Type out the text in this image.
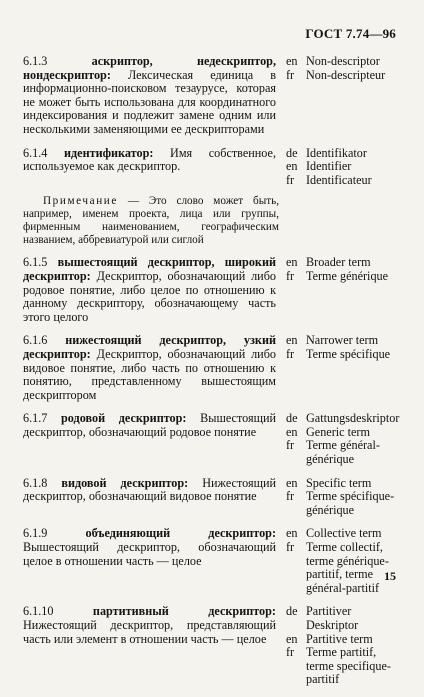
ГОСТ 7.74—96
6.1.3	аскриптор, недескриптор, нондескриптор: Лексическая единица в информационно-поисковом тезаурусе, которая не может быть использована для координатного индексирования и подлежит замене одним или несколькими заменяющими ее дескрипторами
en Non-descriptor
fr Non-descripteur
6.1.4 идентификатор: Имя собственное, используемое как дескриптор.
de Identifikator
en Identifier
fr Identificateur
Примечание — Это слово может быть, например, именем проекта, лица или группы, фирменным наименованием, географическим названием, аббревиатурой или сиглой
6.1.5 вышестоящий дескриптор, широкий дескриптор: Дескриптор, обозначающий либо родовое понятие, либо целое по отношению к данному дескриптору, обозначающему часть этого целого
en Broader term
fr Terme générique
6.1.6 нижестоящий дескриптор, узкий дескриптор: Дескриптор, обозначающий либо видовое понятие, либо часть по отношению к понятию, представленному вышестоящим дескриптором
en Narrower term
fr Terme spécifique
6.1.7 родовой дескриптор: Вышестоящий дескриптор, обозначающий родовое понятие
de Gattungsdeskriptor
en Generic term
fr Terme général-générique
6.1.8 видовой дескриптор: Нижестоящий дескриптор, обозначающий видовое понятие
en Specific term
fr Terme spécifique-générique
6.1.9	объединяющий дескриптор: Вышестоящий дескриптор, обозначающий целое в отношении часть — целое
en Collective term
fr Terme collectif, terme générique-partitif, terme général-partitif
6.1.10	партитивный дескриптор: Нижестоящий дескриптор, представляющий часть или элемент в отношении часть — целое
de Partitiver Deskriptor
en Partitive term
fr Terme partitif, terme specifique-partitif
15
